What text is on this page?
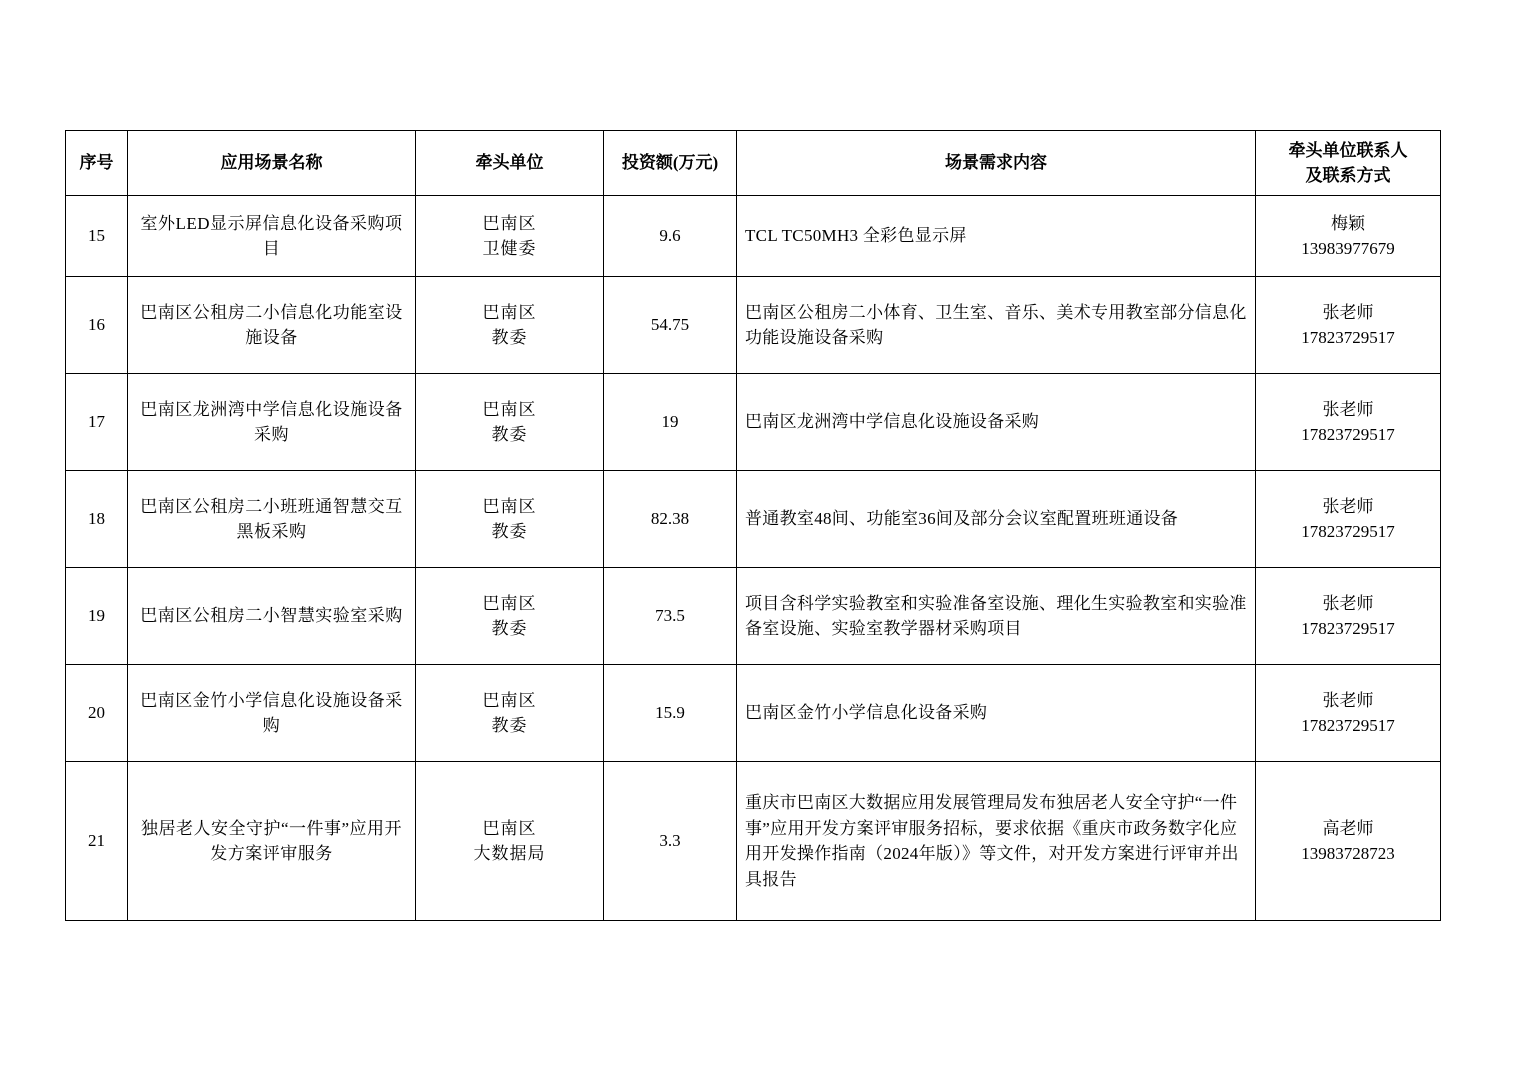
序号	应用场景名称	牵头单位	投资额(万元)	场景需求内容	牵头单位联系人
及联系方式

15	室外LED显示屏信息化设备采购项目	巴南区
卫健委	9.6	TCL TC50MH3 全彩色显示屏	梅颖
13983977679

16	巴南区公租房二小信息化功能室设施设备	巴南区
教委	54.75	巴南区公租房二小体育、卫生室、音乐、美术专用教室部分信息化功能设施设备采购	张老师
17823729517

17	巴南区龙洲湾中学信息化设施设备采购	巴南区
教委	19	巴南区龙洲湾中学信息化设施设备采购	张老师
17823729517

18	巴南区公租房二小班班通智慧交互黑板采购	巴南区
教委	82.38	普通教室48间、功能室36间及部分会议室配置班班通设备	张老师
17823729517

19	巴南区公租房二小智慧实验室采购	巴南区
教委	73.5	项目含科学实验教室和实验准备室设施、理化生实验教室和实验准备室设施、实验室教学器材采购项目	张老师
17823729517

20	巴南区金竹小学信息化设施设备采购	巴南区
教委	15.9	巴南区金竹小学信息化设备采购	张老师
17823729517

21	独居老人安全守护“一件事”应用开发方案评审服务	巴南区
大数据局	3.3	重庆市巴南区大数据应用发展管理局发布独居老人安全守护“一件事”应用开发方案评审服务招标，要求依据《重庆市政务数字化应用开发操作指南（2024年版）》等文件，对开发方案进行评审并出具报告	高老师
13983728723
